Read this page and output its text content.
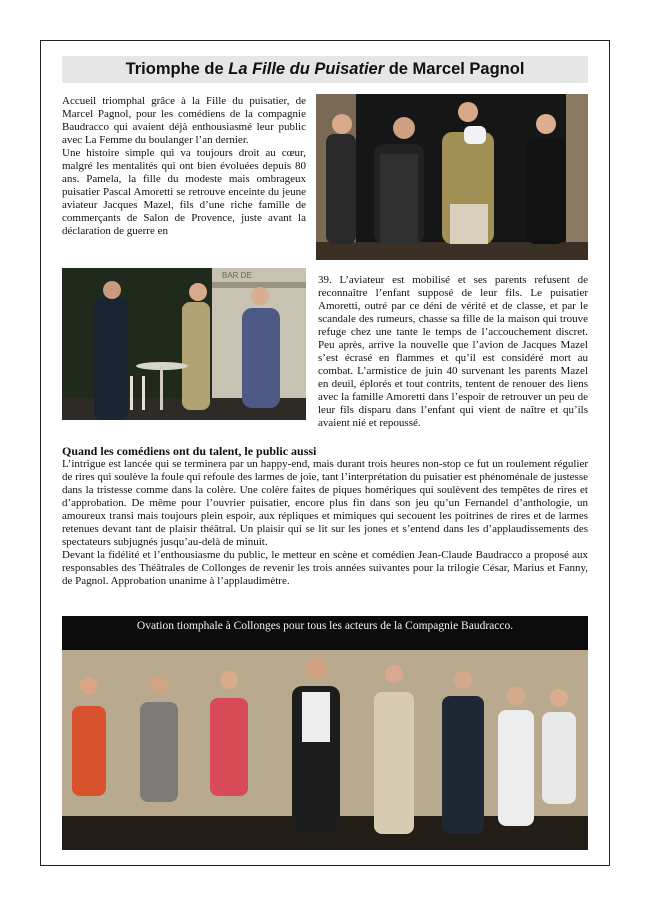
Triomphe de La Fille du Puisatier de Marcel Pagnol

Accueil triomphal grâce à la Fille du puisatier, de Marcel Pagnol, pour les comédiens de la compagnie Baudracco qui avaient déjà enthousiasmé leur public avec La Femme du boulanger l’an dernier.

Une histoire simple qui va toujours droit au cœur, malgré les mentalités qui ont bien évoluées depuis 80 ans. Pamela, la fille du modeste mais ombrageux puisatier Pascal Amoretti se retrouve enceinte du jeune aviateur Jacques Mazel, fils d’une riche famille de commerçants de Salon de Provence, juste avant la déclaration de guerre en

BAR DE	39. L’aviateur est mobilisé et ses parents refusent de reconnaître l’enfant supposé de leur fils. Le puisatier Amoretti, outré par ce déni de vérité et de classe, et par le scandale des rumeurs, chasse sa fille de la maison qui trouve refuge chez une tante le temps de l’accouchement discret. Peu après, arrive la nouvelle que l’avion de Jacques Mazel s’est écrasé en flammes et qu’il est considéré mort au combat. L’armistice de juin 40 survenant les parents Mazel en deuil, éplorés et tout contrits, tentent de renouer des liens avec la famille Amoretti dans l’espoir de retrouver un peu de leur fils disparu dans l’enfant qui vient de naître et qu’ils avaient nié et repoussé.
Quand les comédiens ont du talent, le public aussi

L’intrigue est lancée qui se terminera par un happy-end, mais durant trois heures non-stop ce fut un roulement régulier de rires qui soulève la foule qui refoule des larmes de joie, tant l’interprétation du puisatier est phénoménale de justesse dans la tristesse comme dans la colère. Une colère faites de piques homériques qui soulèvent des tempêtes de rires et d’approbation. De même pour l’ouvrier puisatier, encore plus fin dans son jeu qu’un Fernandel d’anthologie, un amoureux transi mais toujours plein espoir, aux répliques et mimiques qui secouent les poitrines de rires et de larmes retenues devant tant de plaisir théâtral. Un plaisir qui se lit sur les jones et s’entend dans les d’applaudissements des spectateurs subjugnés jusqu’au-delà de minuit.

Devant la fidélité et l’enthousiasme du public, le metteur en scène et comédien Jean-Claude Baudracco a proposé aux responsables des Théâtrales de Collonges de revenir les trois années suivantes pour la trilogie César, Marius et Fanny, de Pagnol. Approbation unanime à l’applaudimètre.

Ovation tiomphale à Collonges pour tous les acteurs de la Compagnie Baudracco.
